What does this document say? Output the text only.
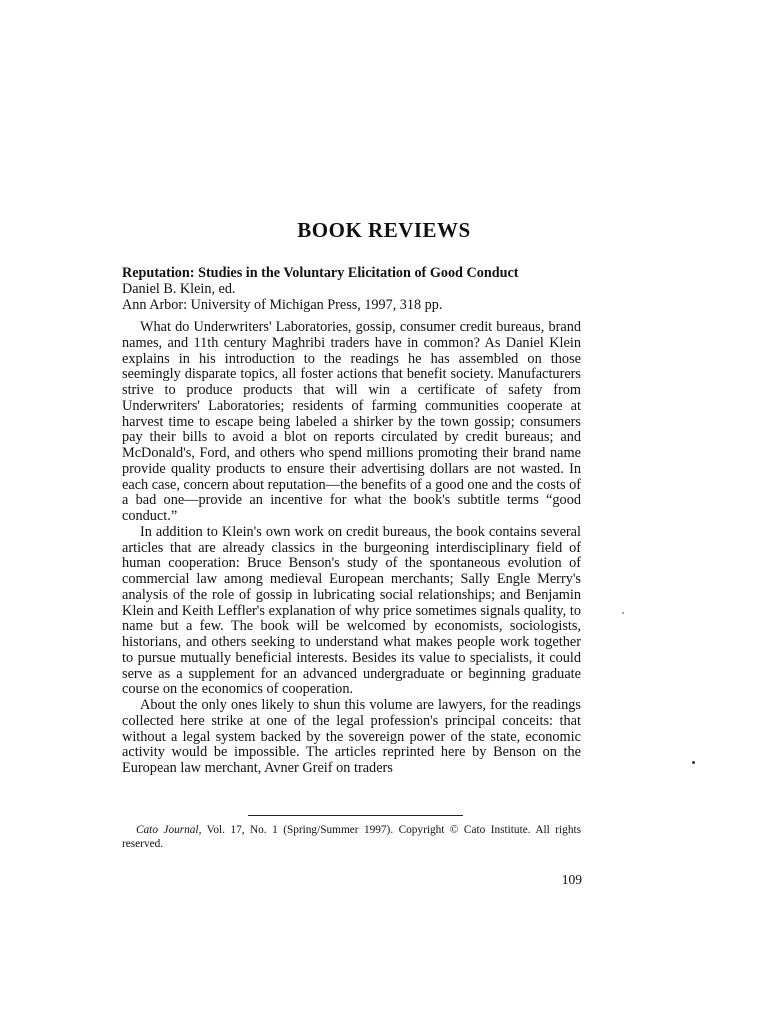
BOOK REVIEWS
Reputation: Studies in the Voluntary Elicitation of Good Conduct
Daniel B. Klein, ed.
Ann Arbor: University of Michigan Press, 1997, 318 pp.

What do Underwriters' Laboratories, gossip, consumer credit bureaus, brand names, and 11th century Maghribi traders have in common? As Daniel Klein explains in his introduction to the readings he has assembled on those seemingly disparate topics, all foster actions that benefit society. Manufacturers strive to produce products that will win a certificate of safety from Underwriters' Laboratories; residents of farming communities cooperate at harvest time to escape being labeled a shirker by the town gossip; consumers pay their bills to avoid a blot on reports circulated by credit bureaus; and McDonald's, Ford, and others who spend millions promoting their brand name provide quality products to ensure their advertising dollars are not wasted. In each case, concern about reputation—the benefits of a good one and the costs of a bad one—provide an incentive for what the book's subtitle terms “good conduct.”

In addition to Klein's own work on credit bureaus, the book contains several articles that are already classics in the burgeoning interdisciplinary field of human cooperation: Bruce Benson's study of the spontaneous evolution of commercial law among medieval European merchants; Sally Engle Merry's analysis of the role of gossip in lubricating social relationships; and Benjamin Klein and Keith Leffler's explanation of why price sometimes signals quality, to name but a few. The book will be welcomed by economists, sociologists, historians, and others seeking to understand what makes people work together to pursue mutually beneficial interests. Besides its value to specialists, it could serve as a supplement for an advanced undergraduate or beginning graduate course on the economics of cooperation.

About the only ones likely to shun this volume are lawyers, for the readings collected here strike at one of the legal profession's principal conceits: that without a legal system backed by the sovereign power of the state, economic activity would be impossible. The articles reprinted here by Benson on the European law merchant, Avner Greif on traders

Cato Journal, Vol. 17, No. 1 (Spring/Summer 1997). Copyright © Cato Institute. All rights reserved.
109
